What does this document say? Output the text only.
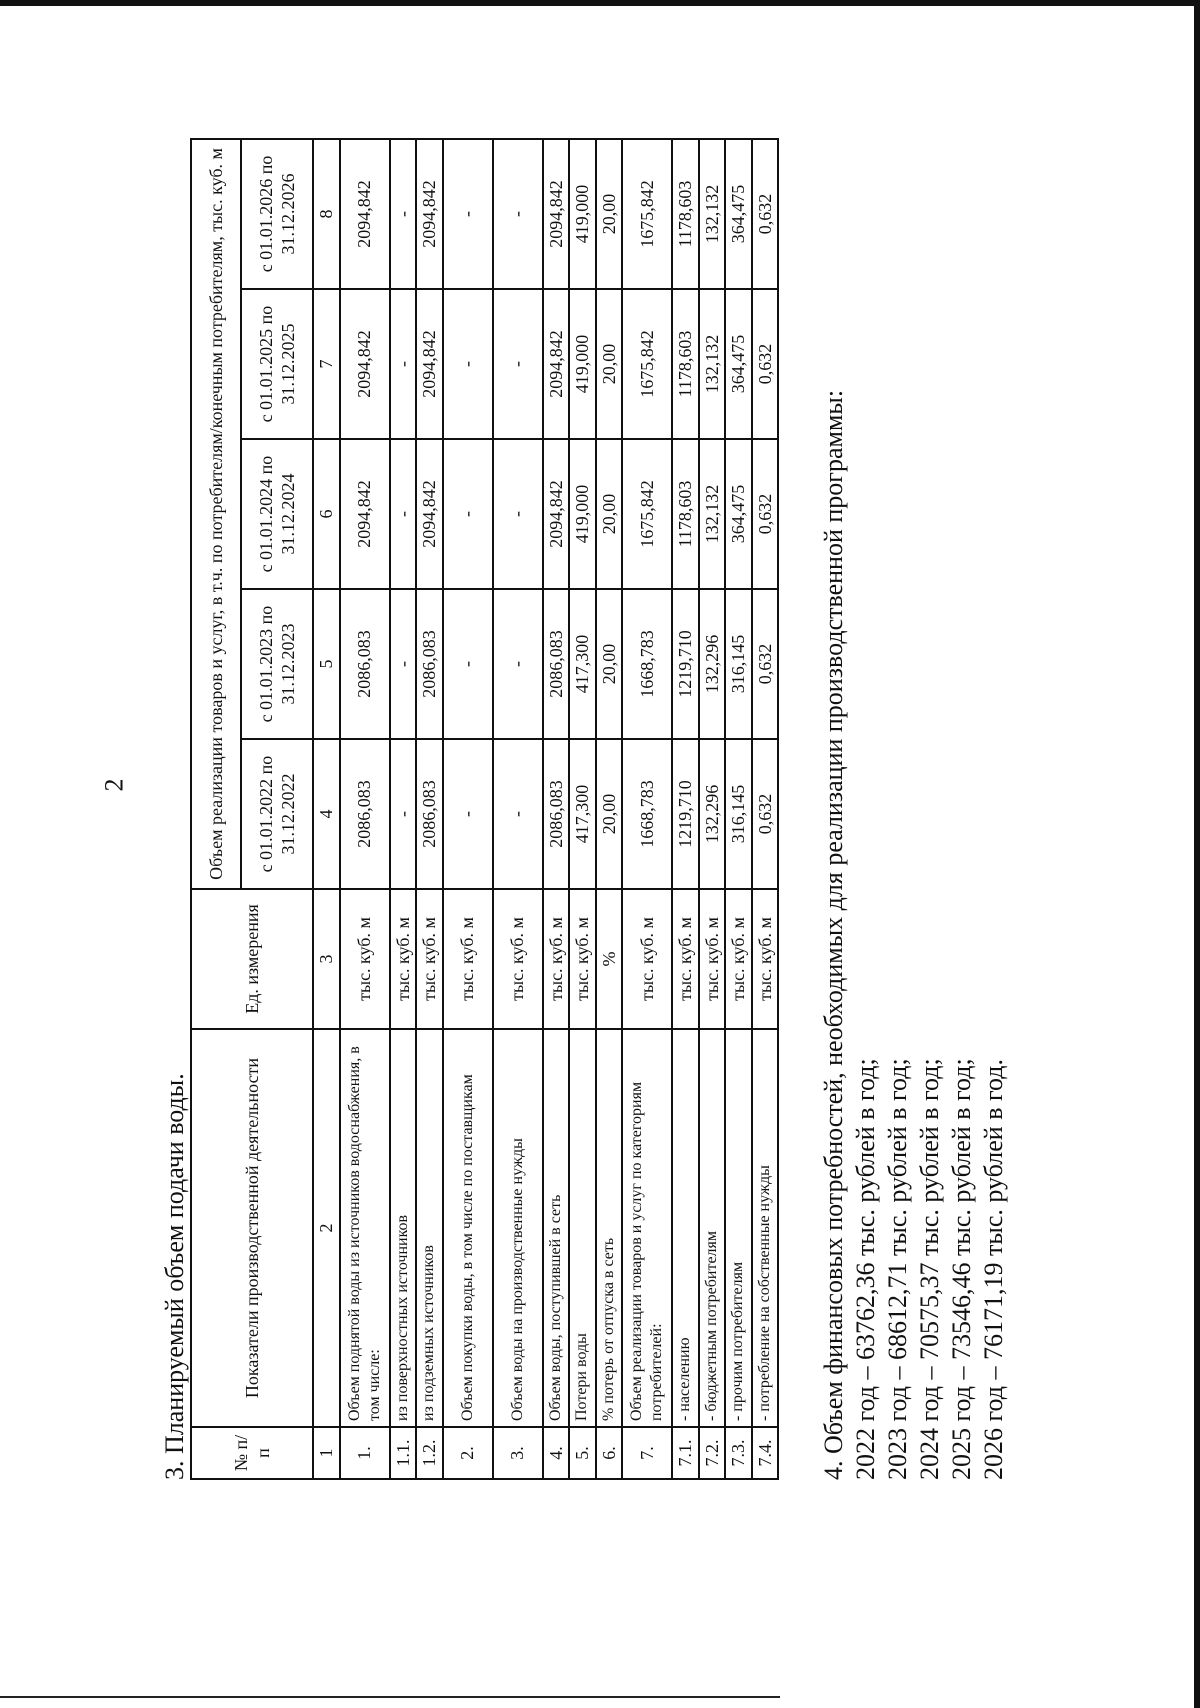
2
3. Планируемый объем подачи воды. № п/п	Показатели производственной деятельности	Ед. измерения	Объем реализации товаров и услуг, в т.ч. по потребителям/конечным потребителям, тыс. куб. м				
			с 01.01.2022 по 31.12.2022	с 01.01.2023 по 31.12.2023	с 01.01.2024 по 31.12.2024	с 01.01.2025 по 31.12.2025	с 01.01.2026 по 31.12.2026
1	2	3	4	5	6	7	8
1.	Объем поднятой воды из источников водоснабжения, в том числе:	тыс. куб. м	2086,083	2086,083	2094,842	2094,842	2094,842
1.1.	из поверхностных источников	тыс. куб. м	-	-	-	-	-
1.2.	из подземных источников	тыс. куб. м	2086,083	2086,083	2094,842	2094,842	2094,842
2.	Объем покупки воды, в том числе по поставщикам	тыс. куб. м	-	-	-	-	-
3.	Объем воды на производственные нужды	тыс. куб. м	-	-	-	-	-
4.	Объем воды, поступившей в сеть	тыс. куб. м	2086,083	2086,083	2094,842	2094,842	2094,842
5.	Потери воды	тыс. куб. м	417,300	417,300	419,000	419,000	419,000
6.	% потерь от отпуска в сеть	%	20,00	20,00	20,00	20,00	20,00
7.	Объем реализации товаров и услуг по категориям потребителей:	тыс. куб. м	1668,783	1668,783	1675,842	1675,842	1675,842
7.1.	- населению	тыс. куб. м	1219,710	1219,710	1178,603	1178,603	1178,603
7.2.	- бюджетным потребителям	тыс. куб. м	132,296	132,296	132,132	132,132	132,132
7.3.	- прочим потребителям	тыс. куб. м	316,145	316,145	364,475	364,475	364,475
7.4.	- потребление на собственные нужды	тыс. куб. м	0,632	0,632	0,632	0,632	0,632
4. Объем финансовых потребностей, необходимых для реализации производственной программы: 2022 год – 63762,36 тыс. рублей в год; 2023 год – 68612,71 тыс. рублей в год; 2024 год – 70575,37 тыс. рублей в год; 2025 год – 73546,46 тыс. рублей в год; 2026 год – 76171,19 тыс. рублей в год.
